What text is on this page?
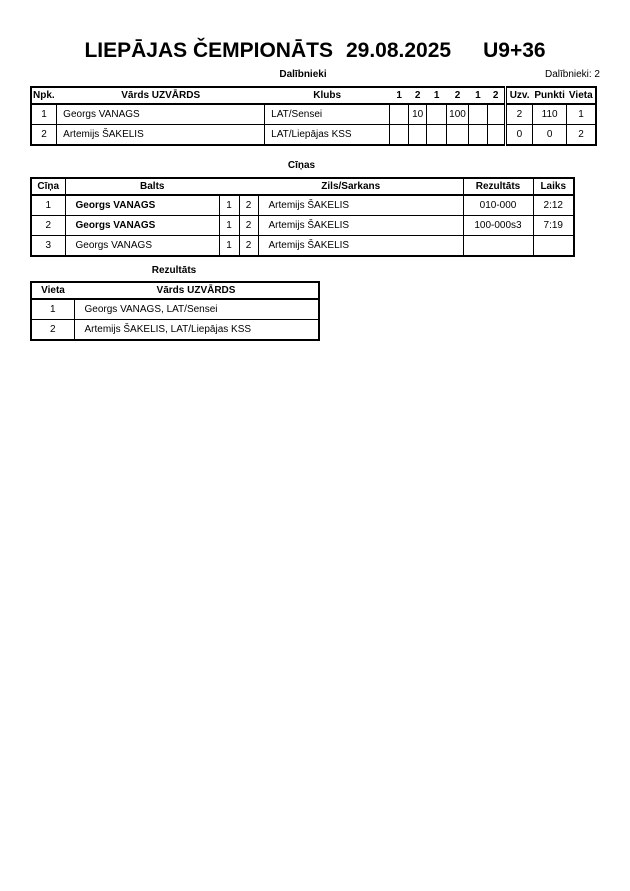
LIEPĀJAS ČEMPIONĀTS 29.08.2025 U9+36
Dalībnieki	Dalībnieki: 2
Npk.	Vārds UZVĀRDS	Klubs	1	2	1	2	1	2	Uzv.	Punkti	Vieta
1	Georgs VANAGS	LAT/Sensei		10		100			2	110	1
2	Artemijs ŠAKELIS	LAT/Liepājas KSS							0	0	2
Cīņas
Cīņa	Balts		Zils/Sarkans		Rezultāts	Laiks
1	Georgs VANAGS	1	2	Artemijs ŠAKELIS	010-000	2:12
2	Georgs VANAGS	1	2	Artemijs ŠAKELIS	100-000s3	7:19
3	Georgs VANAGS	1	2	Artemijs ŠAKELIS		
Rezultāts
Vieta	Vārds UZVĀRDS
1	Georgs VANAGS, LAT/Sensei
2	Artemijs ŠAKELIS, LAT/Liepājas KSS
